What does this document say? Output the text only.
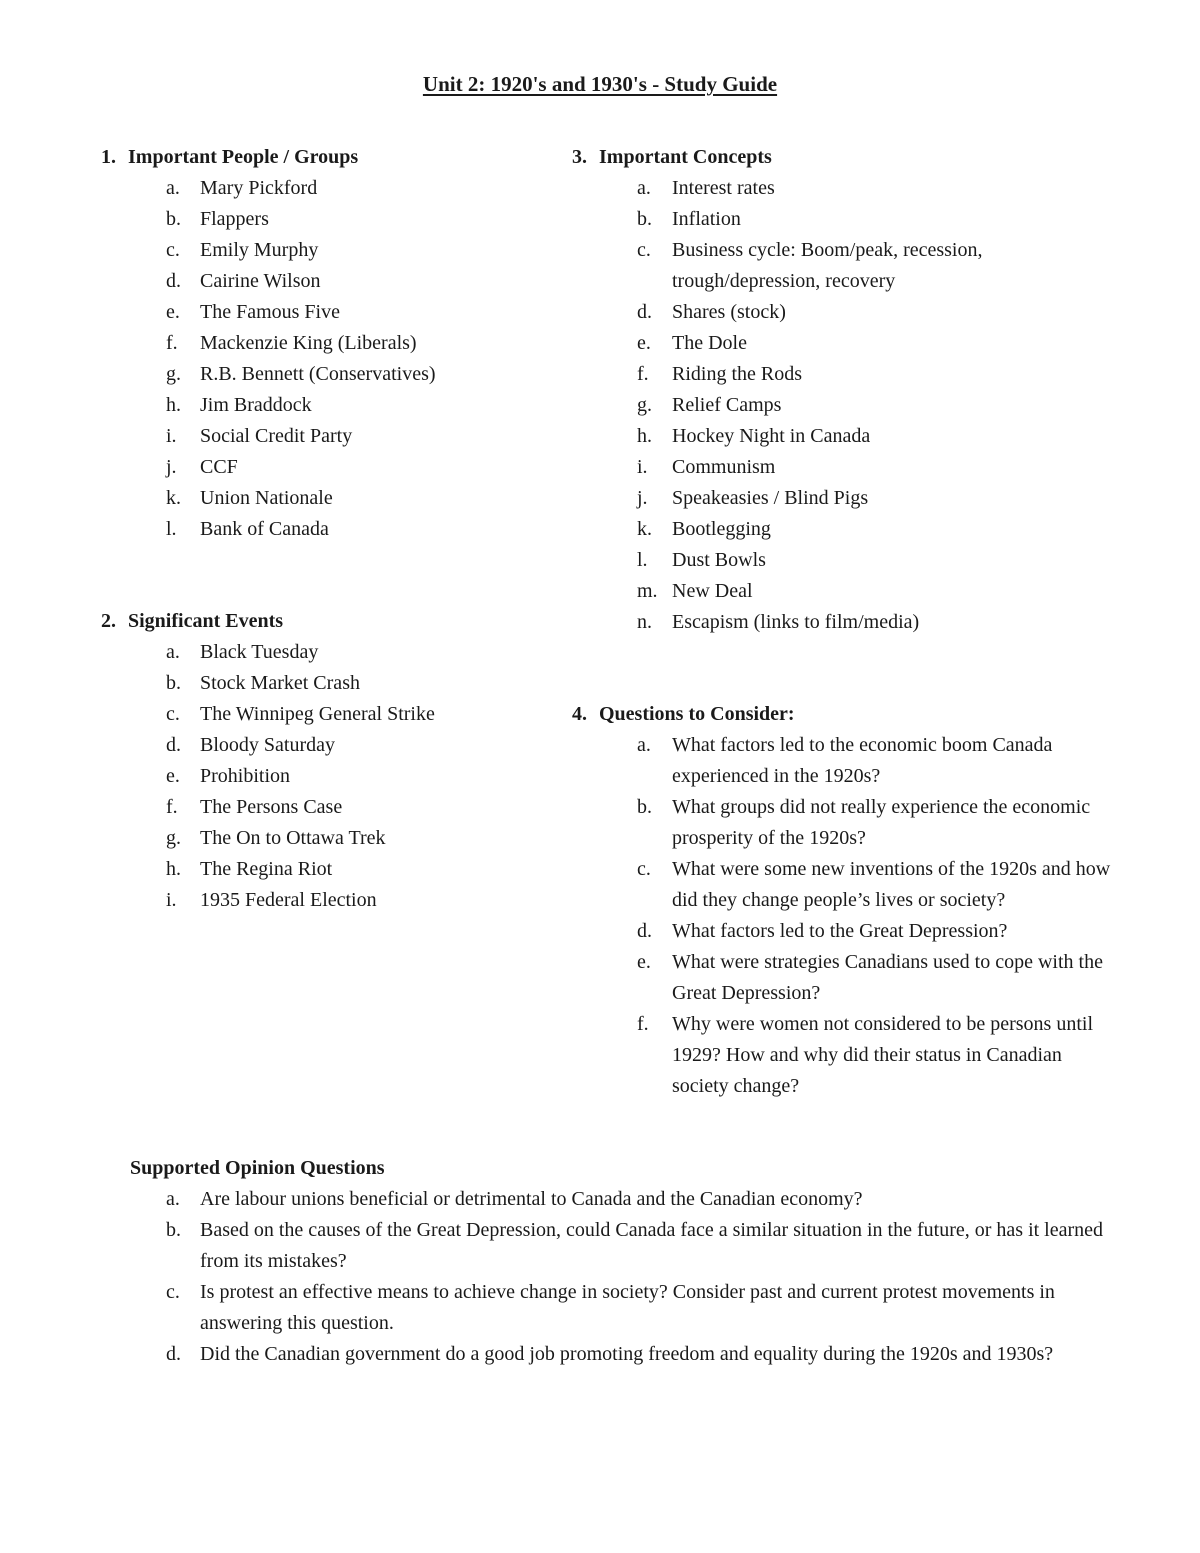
Unit 2: 1920's and 1930's - Study Guide
1. Important People / Groups
a.	Mary Pickford
b. Flappers
c.	Emily Murphy
d. Cairine Wilson
e.	The Famous Five
f.	Mackenzie King (Liberals)
g. R.B. Bennett (Conservatives)
h. Jim Braddock
i.	Social Credit Party
j.	CCF
k. Union Nationale
l.	Bank of Canada
2. Significant Events
a.	Black Tuesday
b. Stock Market Crash
c.	The Winnipeg General Strike
d. Bloody Saturday
e.	Prohibition
f.	The Persons Case
g. The On to Ottawa Trek
h. The Regina Riot
i.	1935 Federal Election
3. Important Concepts
a.	Interest rates
b.	Inflation
c.	Business cycle: Boom/peak, recession, trough/depression, recovery
d.	Shares (stock)
e.	The Dole
f.	Riding the Rods
g.	Relief Camps
h.	Hockey Night in Canada
i.	Communism
j.	Speakeasies / Blind Pigs
k.	Bootlegging
l.	Dust Bowls
m. New Deal
n.	Escapism (links to film/media)
4. Questions to Consider:
a.	What factors led to the economic boom Canada experienced in the 1920s?
b.	What groups did not really experience the economic prosperity of the 1920s?
c.	What were some new inventions of the 1920s and how did they change people’s lives or society?
d.	What factors led to the Great Depression?
e.	What were strategies Canadians used to cope with the Great Depression?
f.	Why were women not considered to be persons until 1929? How and why did their status in Canadian society change?
Supported Opinion Questions
a.	Are labour unions beneficial or detrimental to Canada and the Canadian economy?
b. Based on the causes of the Great Depression, could Canada face a similar situation in the future, or has it learned from its mistakes?
c.	Is protest an effective means to achieve change in society? Consider past and current protest movements in answering this question.
d. Did the Canadian government do a good job promoting freedom and equality during the 1920s and 1930s?
